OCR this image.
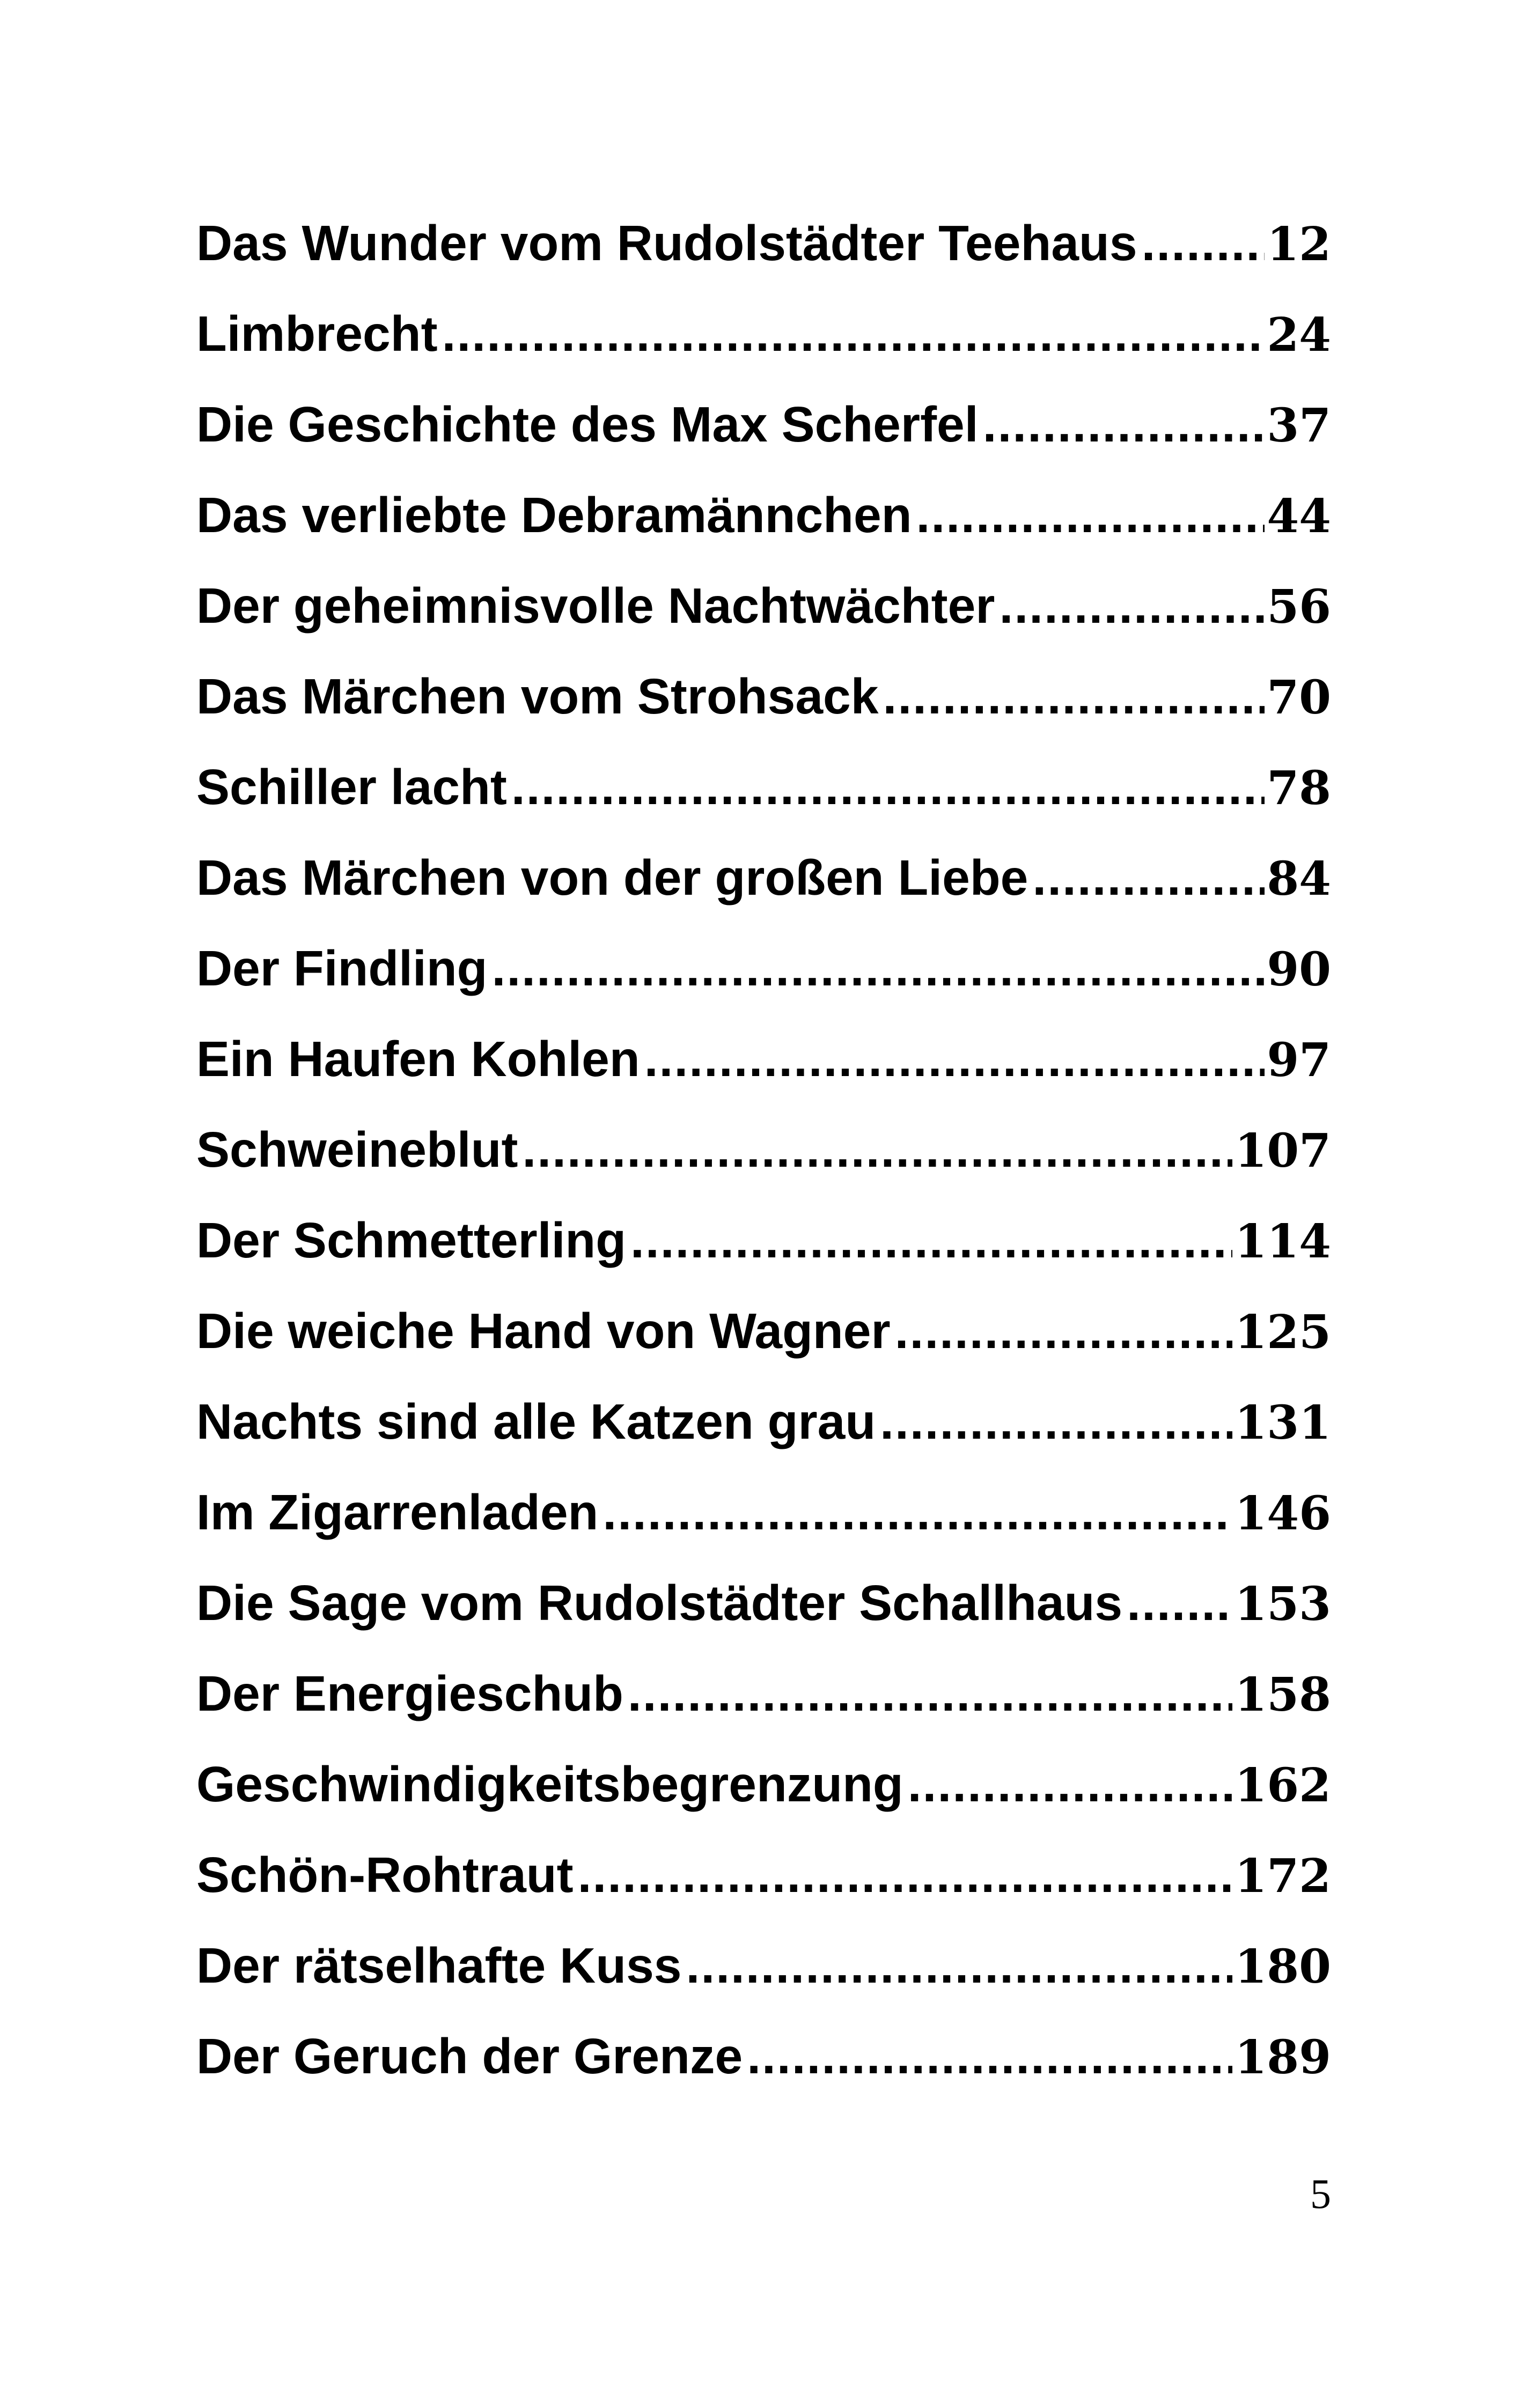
Das Wunder vom Rudolstädter Teehaus .....	12
Limbrecht .....	24
Die Geschichte des Max Scherfel .....	37
Das verliebte Debramännchen .....	44
Der geheimnisvolle Nachtwächter .....	56
Das Märchen vom Strohsack .....	70
Schiller lacht .....	78
Das Märchen von der großen Liebe .....	84
Der Findling .....	90
Ein Haufen Kohlen .....	97
Schweineblut .....	107
Der Schmetterling .....	114
Die weiche Hand von Wagner .....	125
Nachts sind alle Katzen grau .....	131
Im Zigarrenladen .....	146
Die Sage vom Rudolstädter Schallhaus ..... 153
Der Energieschub .....	158
Geschwindigkeitsbegrenzung .....	162
Schön-Rohtraut .....	172
Der rätselhafte Kuss .....	180
Der Geruch der Grenze .....	189
5
